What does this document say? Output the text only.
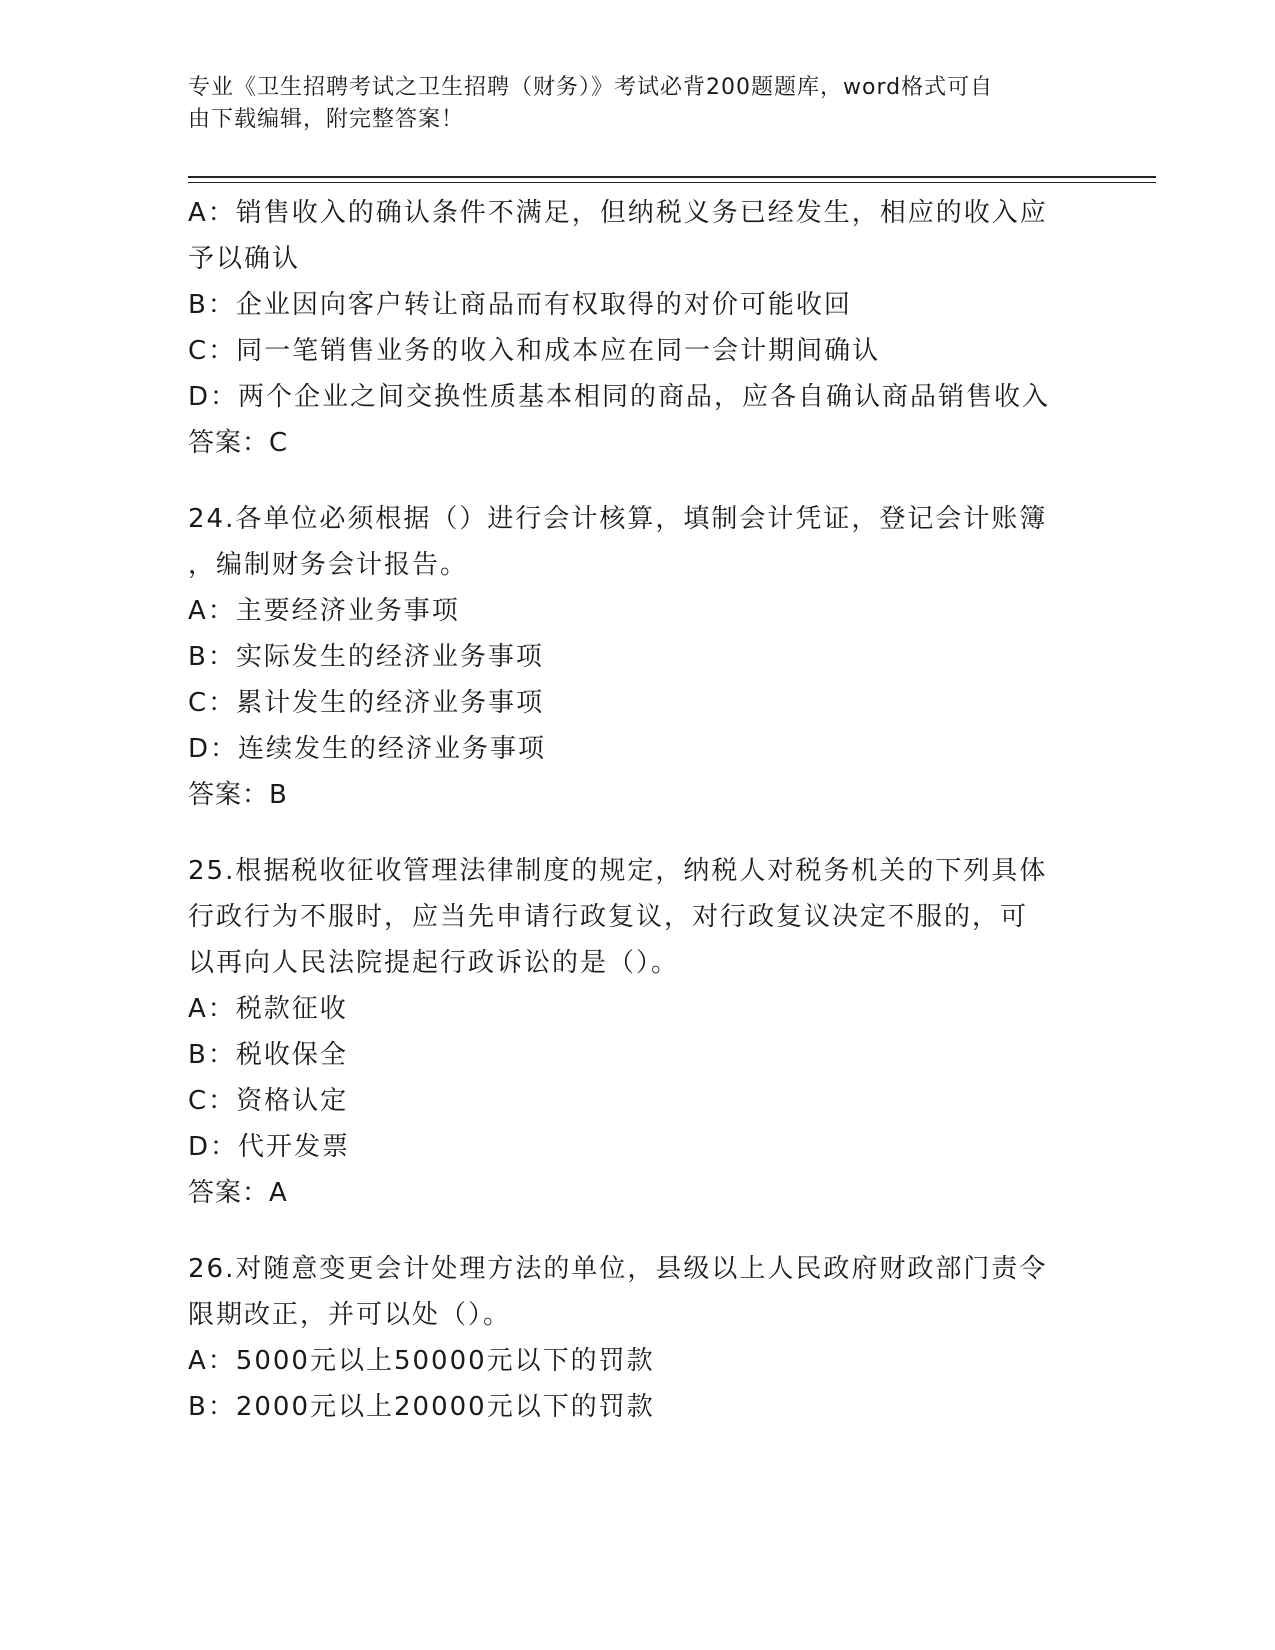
专业《卫生招聘考试之卫生招聘（财务）》考试必背200题题库，word格式可自
由下载编辑，附完整答案！
A：销售收入的确认条件不满足，但纳税义务已经发生，相应的收入应
予以确认
B：企业因向客户转让商品而有权取得的对价可能收回
C：同一笔销售业务的收入和成本应在同一会计期间确认
D：两个企业之间交换性质基本相同的商品，应各自确认商品销售收入
答案：C
24.各单位必须根据（）进行会计核算，填制会计凭证，登记会计账簿
，编制财务会计报告。
A：主要经济业务事项
B：实际发生的经济业务事项
C：累计发生的经济业务事项
D：连续发生的经济业务事项
答案：B
25.根据税收征收管理法律制度的规定，纳税人对税务机关的下列具体
行政行为不服时，应当先申请行政复议，对行政复议决定不服的，可
以再向人民法院提起行政诉讼的是（）。
A：税款征收
B：税收保全
C：资格认定
D：代开发票
答案：A
26.对随意变更会计处理方法的单位，县级以上人民政府财政部门责令
限期改正，并可以处（）。
A：5000元以上50000元以下的罚款
B：2000元以上20000元以下的罚款
